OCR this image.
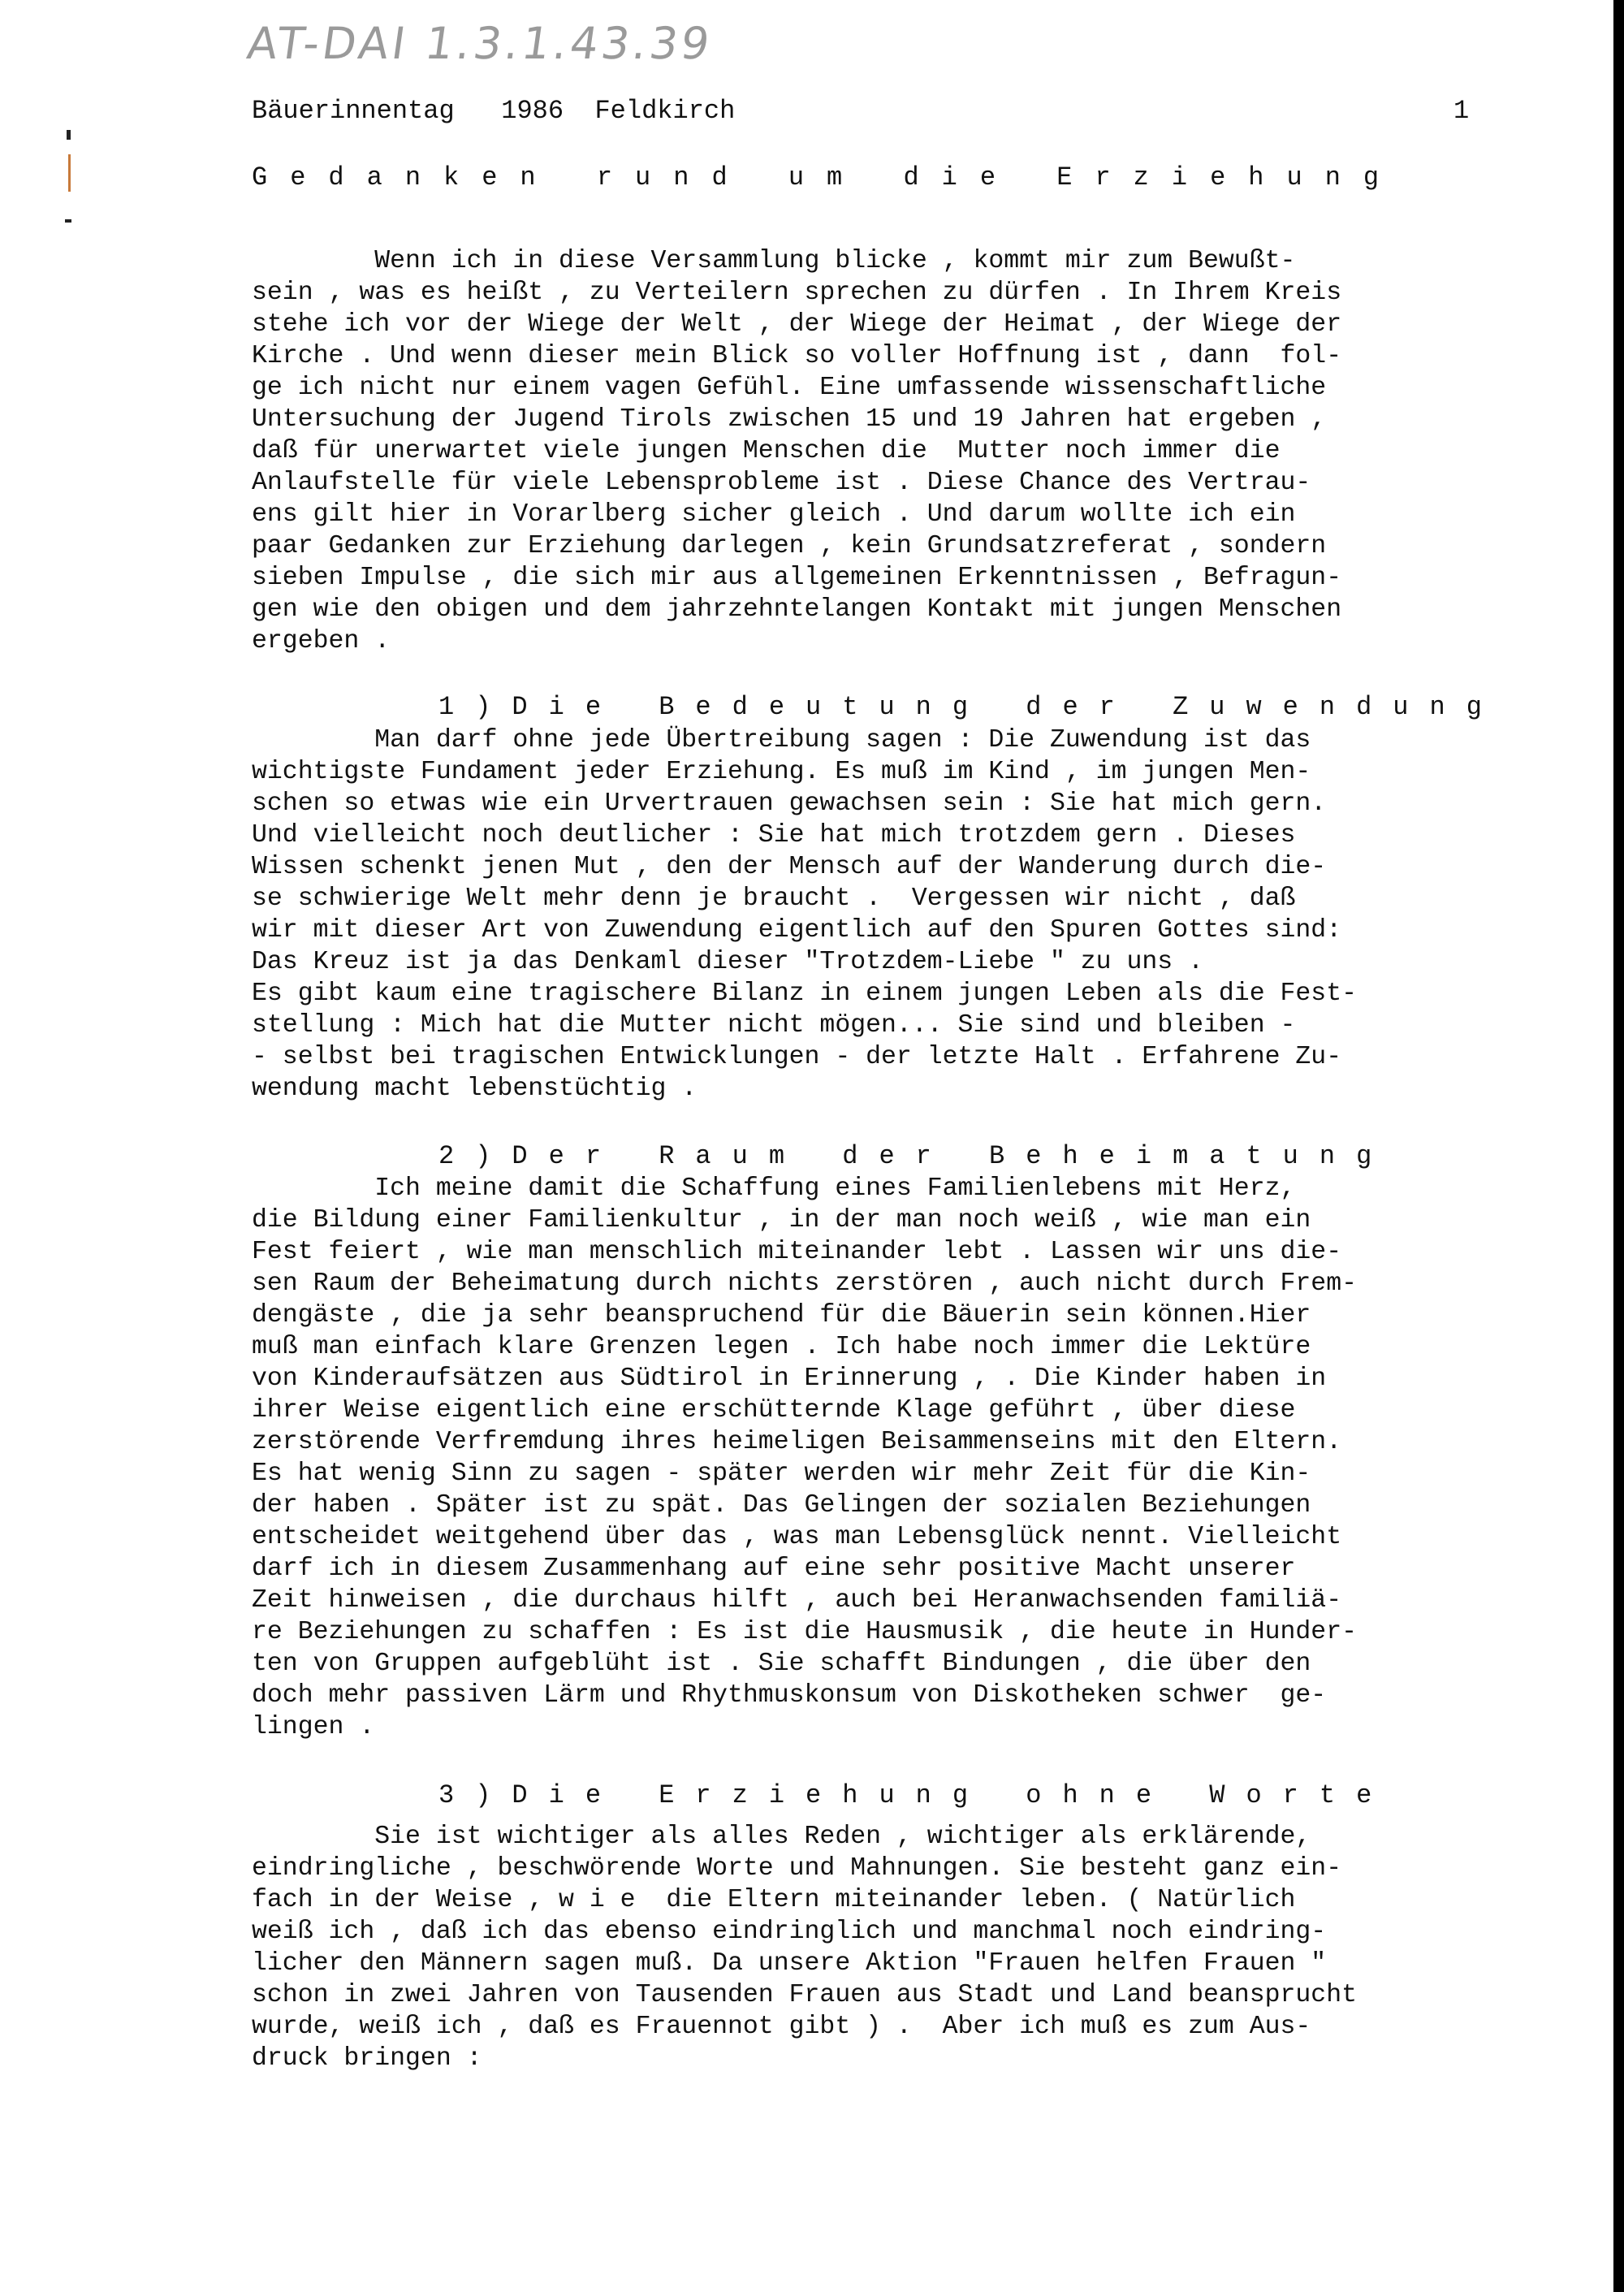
AT-DAI 1.3.1.43.39
Bäuerinnentag   1986  Feldkirch	1
Gedanken rund um die Erziehung
Wenn ich in diese Versammlung blicke , kommt mir zum Bewußt-
sein , was es heißt , zu Verteilern sprechen zu dürfen . In Ihrem Kreis
stehe ich vor der Wiege der Welt , der Wiege der Heimat , der Wiege der
Kirche . Und wenn dieser mein Blick so voller Hoffnung ist , dann  fol-
ge ich nicht nur einem vagen Gefühl. Eine umfassende wissenschaftliche
Untersuchung der Jugend Tirols zwischen 15 und 19 Jahren hat ergeben ,
daß für unerwartet viele jungen Menschen die  Mutter noch immer die
Anlaufstelle für viele Lebensprobleme ist . Diese Chance des Vertrau-
ens gilt hier in Vorarlberg sicher gleich . Und darum wollte ich ein
paar Gedanken zur Erziehung darlegen , kein Grundsatzreferat , sondern
sieben Impulse , die sich mir aus allgemeinen Erkenntnissen , Befragun-
gen wie den obigen und dem jahrzehntelangen Kontakt mit jungen Menschen
ergeben .
1)Die Bedeutung der Zuwendung
Man darf ohne jede Übertreibung sagen : Die Zuwendung ist das
wichtigste Fundament jeder Erziehung. Es muß im Kind , im jungen Men-
schen so etwas wie ein Urvertrauen gewachsen sein : Sie hat mich gern.
Und vielleicht noch deutlicher : Sie hat mich trotzdem gern . Dieses
Wissen schenkt jenen Mut , den der Mensch auf der Wanderung durch die-
se schwierige Welt mehr denn je braucht .  Vergessen wir nicht , daß
wir mit dieser Art von Zuwendung eigentlich auf den Spuren Gottes sind:
Das Kreuz ist ja das Denkaml dieser "Trotzdem-Liebe " zu uns .
Es gibt kaum eine tragischere Bilanz in einem jungen Leben als die Fest-
stellung : Mich hat die Mutter nicht mögen... Sie sind und bleiben -
- selbst bei tragischen Entwicklungen - der letzte Halt . Erfahrene Zu-
wendung macht lebenstüchtig .
2)Der Raum der Beheimatung
Ich meine damit die Schaffung eines Familienlebens mit Herz,
die Bildung einer Familienkultur , in der man noch weiß , wie man ein
Fest feiert , wie man menschlich miteinander lebt . Lassen wir uns die-
sen Raum der Beheimatung durch nichts zerstören , auch nicht durch Frem-
dengäste , die ja sehr beanspruchend für die Bäuerin sein können.Hier
muß man einfach klare Grenzen legen . Ich habe noch immer die Lektüre
von Kinderaufsätzen aus Südtirol in Erinnerung , . Die Kinder haben in
ihrer Weise eigentlich eine erschütternde Klage geführt , über diese
zerstörende Verfremdung ihres heimeligen Beisammenseins mit den Eltern.
Es hat wenig Sinn zu sagen - später werden wir mehr Zeit für die Kin-
der haben . Später ist zu spät. Das Gelingen der sozialen Beziehungen
entscheidet weitgehend über das , was man Lebensglück nennt. Vielleicht
darf ich in diesem Zusammenhang auf eine sehr positive Macht unserer
Zeit hinweisen , die durchaus hilft , auch bei Heranwachsenden familiä-
re Beziehungen zu schaffen : Es ist die Hausmusik , die heute in Hunder-
ten von Gruppen aufgeblüht ist . Sie schafft Bindungen , die über den
doch mehr passiven Lärm und Rhythmuskonsum von Diskotheken schwer  ge-
lingen .
3)Die Erziehung ohne Worte
Sie ist wichtiger als alles Reden , wichtiger als erklärende,
eindringliche , beschwörende Worte und Mahnungen. Sie besteht ganz ein-
fach in der Weise , w i e  die Eltern miteinander leben. ( Natürlich
weiß ich , daß ich das ebenso eindringlich und manchmal noch eindring-
licher den Männern sagen muß. Da unsere Aktion "Frauen helfen Frauen "
schon in zwei Jahren von Tausenden Frauen aus Stadt und Land beansprucht
wurde, weiß ich , daß es Frauennot gibt ) .  Aber ich muß es zum Aus-
druck bringen :
